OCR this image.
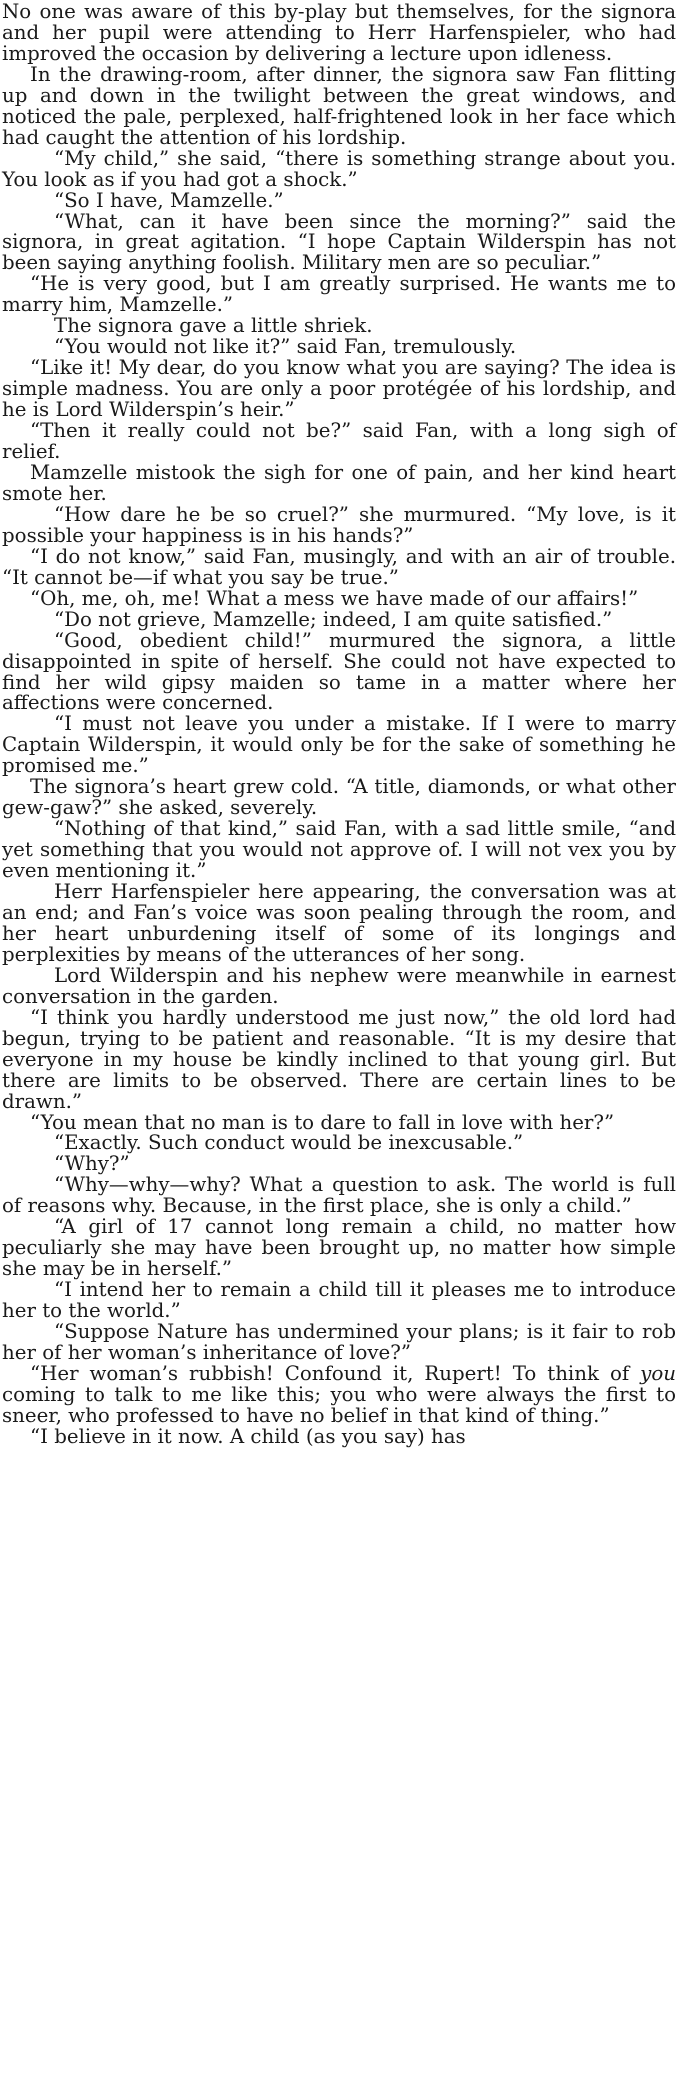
No one was aware of this by-play but themselves, for the signora and her pupil were attending to Herr Harfenspieler, who had improved the occasion by delivering a lecture upon idleness.

In the drawing-room, after dinner, the signora saw Fan flitting up and down in the twilight between the great windows, and noticed the pale, perplexed, half-frightened look in her face which had caught the attention of his lordship.

“My child,” she said, “there is something strange about you. You look as if you had got a shock.”

“So I have, Mamzelle.”

“What, can it have been since the morning?” said the signora, in great agitation. “I hope Captain Wilderspin has not been saying anything foolish. Military men are so peculiar.”

“He is very good, but I am greatly surprised. He wants me to marry him, Mamzelle.”

The signora gave a little shriek.

“You would not like it?” said Fan, tremulously.

“Like it! My dear, do you know what you are saying? The idea is simple madness. You are only a poor protégée of his lordship, and he is Lord Wilderspin’s heir.”

“Then it really could not be?” said Fan, with a long sigh of relief.

Mamzelle mistook the sigh for one of pain, and her kind heart smote her.

“How dare he be so cruel?” she murmured. “My love, is it possible your happiness is in his hands?”

“I do not know,” said Fan, musingly, and with an air of trouble. “It cannot be—if what you say be true.”

“Oh, me, oh, me! What a mess we have made of our affairs!”

“Do not grieve, Mamzelle; indeed, I am quite satisfied.”

“Good, obedient child!” murmured the signora, a little disappointed in spite of herself. She could not have expected to find her wild gipsy maiden so tame in a matter where her affections were concerned.

“I must not leave you under a mistake. If I were to marry Captain Wilderspin, it would only be for the sake of something he promised me.”

The signora’s heart grew cold. “A title, diamonds, or what other gew-gaw?” she asked, severely.

“Nothing of that kind,” said Fan, with a sad little smile, “and yet something that you would not approve of. I will not vex you by even mentioning it.”

Herr Harfenspieler here appearing, the conversation was at an end; and Fan’s voice was soon pealing through the room, and her heart unburdening itself of some of its longings and perplexities by means of the utterances of her song.

Lord Wilderspin and his nephew were meanwhile in earnest conversation in the garden.

“I think you hardly understood me just now,” the old lord had begun, trying to be patient and reasonable. “It is my desire that everyone in my house be kindly inclined to that young girl. But there are limits to be observed. There are certain lines to be drawn.”

“You mean that no man is to dare to fall in love with her?”

“Exactly. Such conduct would be inexcusable.”

“Why?”

“Why—why—why? What a question to ask. The world is full of reasons why. Because, in the first place, she is only a child.”

“A girl of 17 cannot long remain a child, no matter how peculiarly she may have been brought up, no matter how simple she may be in herself.”

“I intend her to remain a child till it pleases me to introduce her to the world.”

“Suppose Nature has undermined your plans; is it fair to rob her of her woman’s inheritance of love?”

“Her woman’s rubbish! Confound it, Rupert! To think of you coming to talk to me like this; you who were always the first to sneer, who professed to have no belief in that kind of thing.”

“I believe in it now. A child (as you say) has
